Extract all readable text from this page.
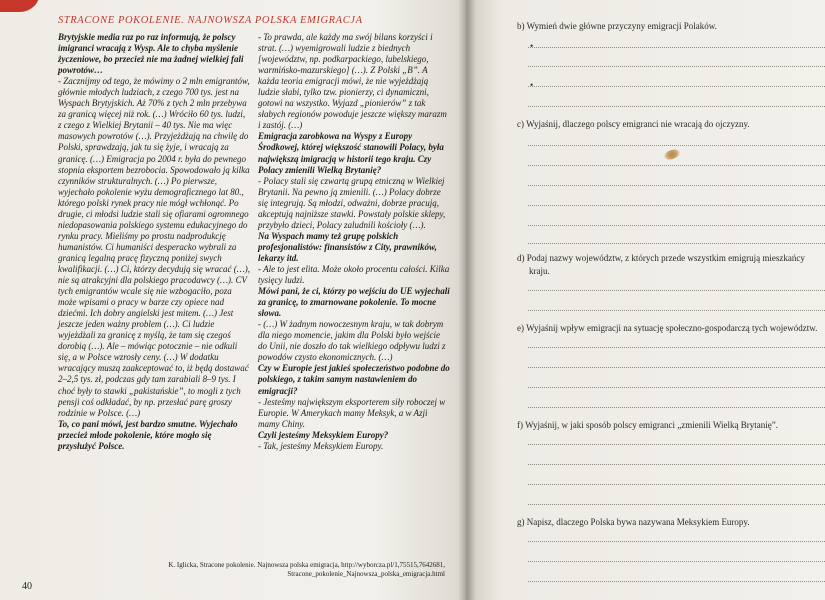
STRACONE POKOLENIE. NAJNOWSZA POLSKA EMIGRACJA

Brytyjskie media raz po raz informują, że polscy imigranci wracają z Wysp. Ale to chyba myślenie życzeniowe, bo przecież nie ma żadnej wielkiej fali powrotów…

- Zacznijmy od tego, że mówimy o 2 mln emigrantów, głównie młodych ludziach, z czego 700 tys. jest na Wyspach Brytyjskich. Aż 70% z tych 2 mln przebywa za granicą więcej niż rok. (…) Wróciło 60 tys. ludzi, z czego z Wielkiej Brytanii – 40 tys. Nie ma więc masowych powrotów (…). Przyjeżdżają na chwilę do Polski, sprawdzają, jak tu się żyje, i wracają za granicę. (…) Emigracja po 2004 r. była do pewnego stopnia eksportem bezrobocia. Spowodowało ją kilka czynników strukturalnych. (…) Po pierwsze, wyjechało pokolenie wyżu demograficznego lat 80., którego polski rynek pracy nie mógł wchłonąć. Po drugie, ci młodsi ludzie stali się ofiarami ogromnego niedopasowania polskiego systemu edukacyjnego do rynku pracy. Mieliśmy po prostu nadprodukcję humanistów. Ci humaniści desperacko wybrali za granicą legalną pracę fizyczną poniżej swych kwalifikacji. (…) Ci, którzy decydują się wracać (…), nie są atrakcyjni dla polskiego pracodawcy (…). CV tych emigrantów wcale się nie wzbogaciło, poza może wpisami o pracy w barze czy opiece nad dziećmi. Ich dobry angielski jest mitem. (…) Jest jeszcze jeden ważny problem (…). Ci ludzie wyjeżdżali za granicę z myślą, że tam się czegoś dorobią (…). Ale – mówiąc potocznie – nie odkuli się, a w Polsce wzrosły ceny. (…) W dodatku wracający muszą zaakceptować to, iż będą dostawać 2–2,5 tys. zł, podczas gdy tam zarabiali 8–9 tys. I choć były to stawki „pakistańskie”, to mogli z tych pensji coś odkładać, by np. przesłać parę groszy rodzinie w Polsce. (…)

To, co pani mówi, jest bardzo smutne. Wyjechało przecież młode pokolenie, które mogło się przysłużyć Polsce.

- To prawda, ale każdy ma swój bilans korzyści i strat. (…) wyemigrowali ludzie z biednych [województw, np. podkarpackiego, lubelskiego, warmińsko-mazurskiego] (…). Z Polski „B”. A każda teoria emigracji mówi, że nie wyjeżdżają ludzie słabi, tylko tzw. pionierzy, ci dynamiczni, gotowi na wszystko. Wyjazd „pionierów” z tak słabych regionów powoduje jeszcze większy marazm i zastój. (…)

Emigracja zarobkowa na Wyspy z Europy Środkowej, której większość stanowili Polacy, była największą imigracją w historii tego kraju. Czy Polacy zmienili Wielką Brytanię?

- Polacy stali się czwartą grupą etniczną w Wielkiej Brytanii. Na pewno ją zmienili. (…) Polacy dobrze się integrują. Są młodzi, odważni, dobrze pracują, akceptują najniższe stawki. Powstały polskie sklepy, przybyło dzieci, Polacy zaludnili kościoły (…).

Na Wyspach mamy też grupę polskich profesjonalistów: finansistów z City, prawników, lekarzy itd.

- Ale to jest elita. Może około procentu całości. Kilka tysięcy ludzi.

Mówi pani, że ci, którzy po wejściu do UE wyjechali za granicę, to zmarnowane pokolenie. To mocne słowa.

- (…) W żadnym nowoczesnym kraju, w tak dobrym dla niego momencie, jakim dla Polski było wejście do Unii, nie doszło do tak wielkiego odpływu ludzi z powodów czysto ekonomicznych. (…)

Czy w Europie jest jakieś społeczeństwo podobne do polskiego, z takim samym nastawieniem do emigracji?

- Jesteśmy największym eksporterem siły roboczej w Europie. W Amerykach mamy Meksyk, a w Azji mamy Chiny.

Czyli jesteśmy Meksykiem Europy?

- Tak, jesteśmy Meksykiem Europy.

K. Iglicka, Stracone pokolenie. Najnowsza polska emigracja, http://wyborcza.pl/1,75515,7642681, Stracone_pokolenie_Najnowsza_polska_emigracja.html
40
b) Wymień dwie główne przyczyny emigracji Polaków.
•
•
c) Wyjaśnij, dlaczego polscy emigranci nie wracają do ojczyzny.
d) Podaj nazwy województw, z których przede wszystkim emigrują mieszkańcy
kraju.
e) Wyjaśnij wpływ emigracji na sytuację społeczno-gospodarczą tych województw.
f) Wyjaśnij, w jaki sposób polscy emigranci „zmienili Wielką Brytanię”.
g) Napisz, dlaczego Polska bywa nazywana Meksykiem Europy.
